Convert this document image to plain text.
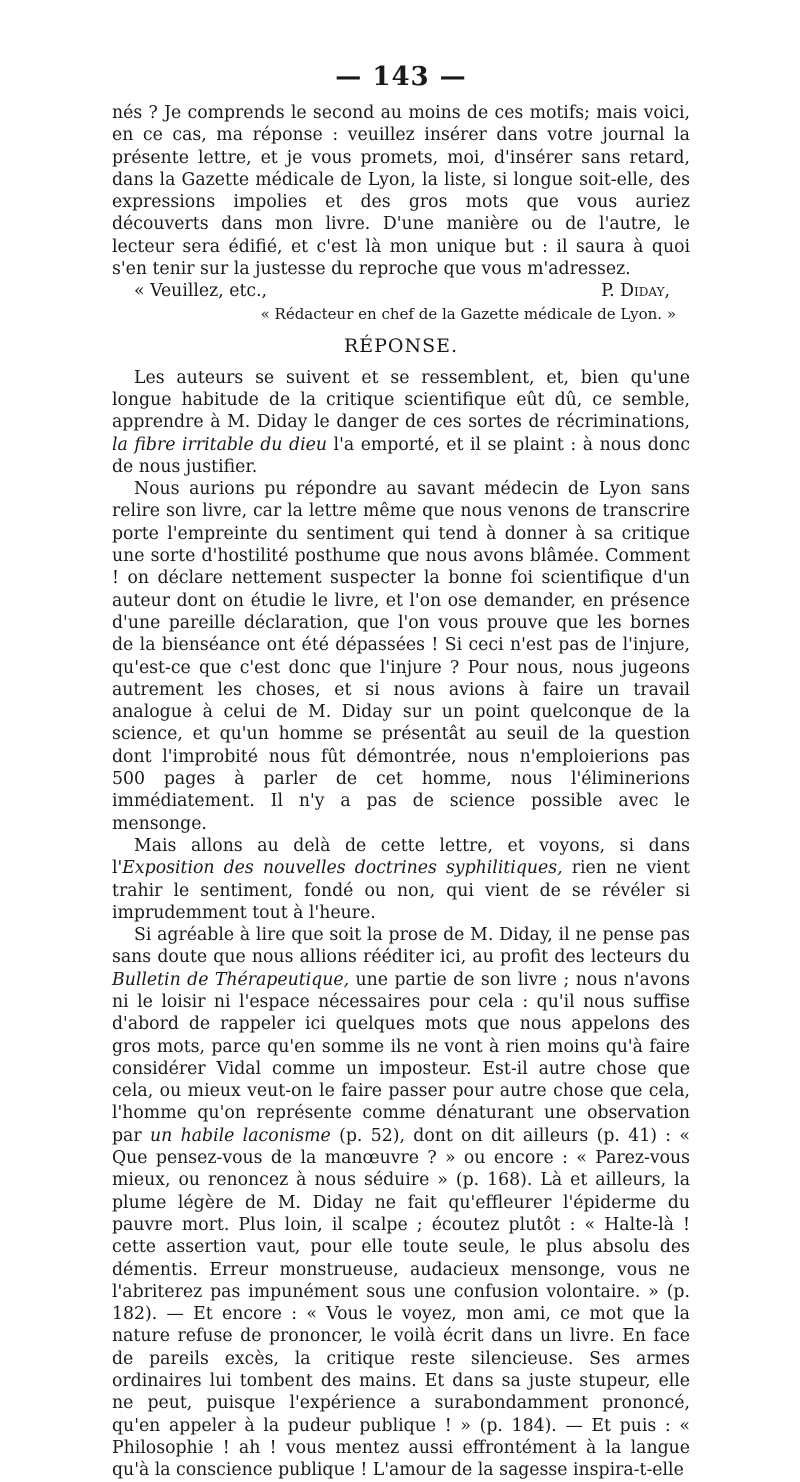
— 143 —

nés ? Je comprends le second au moins de ces motifs; mais voici, en ce cas, ma réponse : veuillez insérer dans votre journal la présente lettre, et je vous promets, moi, d'insérer sans retard, dans la Gazette médicale de Lyon, la liste, si longue soit-elle, des expressions impolies et des gros mots que vous auriez découverts dans mon livre. D'une manière ou de l'autre, le lecteur sera édifié, et c'est là mon unique but : il saura à quoi s'en tenir sur la justesse du reproche que vous m'adressez.

« Veuillez, etc.,	P. Diday,
« Rédacteur en chef de la Gazette médicale de Lyon. »
RÉPONSE.

Les auteurs se suivent et se ressemblent, et, bien qu'une longue habitude de la critique scientifique eût dû, ce semble, apprendre à M. Diday le danger de ces sortes de récriminations, la fibre irritable du dieu l'a emporté, et il se plaint : à nous donc de nous justifier.

Nous aurions pu répondre au savant médecin de Lyon sans relire son livre, car la lettre même que nous venons de transcrire porte l'empreinte du sentiment qui tend à donner à sa critique une sorte d'hostilité posthume que nous avons blâmée. Comment ! on déclare nettement suspecter la bonne foi scientifique d'un auteur dont on étudie le livre, et l'on ose demander, en présence d'une pareille déclaration, que l'on vous prouve que les bornes de la bienséance ont été dépassées ! Si ceci n'est pas de l'injure, qu'est-ce que c'est donc que l'injure ? Pour nous, nous jugeons autrement les choses, et si nous avions à faire un travail analogue à celui de M. Diday sur un point quelconque de la science, et qu'un homme se présentât au seuil de la question dont l'improbité nous fût démontrée, nous n'emploierions pas 500 pages à parler de cet homme, nous l'éliminerions immédiatement. Il n'y a pas de science possible avec le mensonge.

Mais allons au delà de cette lettre, et voyons, si dans l'Exposition des nouvelles doctrines syphilitiques, rien ne vient trahir le sentiment, fondé ou non, qui vient de se révéler si imprudemment tout à l'heure.

Si agréable à lire que soit la prose de M. Diday, il ne pense pas sans doute que nous allions rééditer ici, au profit des lecteurs du Bulletin de Thérapeutique, une partie de son livre ; nous n'avons ni le loisir ni l'espace nécessaires pour cela : qu'il nous suffise d'abord de rappeler ici quelques mots que nous appelons des gros mots, parce qu'en somme ils ne vont à rien moins qu'à faire considérer Vidal comme un imposteur. Est-il autre chose que cela, ou mieux veut-on le faire passer pour autre chose que cela, l'homme qu'on représente comme dénaturant une observation par un habile laconisme (p. 52), dont on dit ailleurs (p. 41) : « Que pensez-vous de la manœuvre ? » ou encore : « Parez-vous mieux, ou renoncez à nous séduire » (p. 168). Là et ailleurs, la plume légère de M. Diday ne fait qu'effleurer l'épiderme du pauvre mort. Plus loin, il scalpe ; écoutez plutôt : « Halte-là ! cette assertion vaut, pour elle toute seule, le plus absolu des démentis. Erreur monstrueuse, audacieux mensonge, vous ne l'abriterez pas impunément sous une confusion volontaire. » (p. 182). — Et encore : « Vous le voyez, mon ami, ce mot que la nature refuse de prononcer, le voilà écrit dans un livre. En face de pareils excès, la critique reste silencieuse. Ses armes ordinaires lui tombent des mains. Et dans sa juste stupeur, elle ne peut, puisque l'expérience a surabondamment prononcé, qu'en appeler à la pudeur publique ! » (p. 184). — Et puis : « Philosophie ! ah ! vous mentez aussi effrontément à la langue qu'à la conscience publique ! L'amour de la sagesse inspira-t-elle
